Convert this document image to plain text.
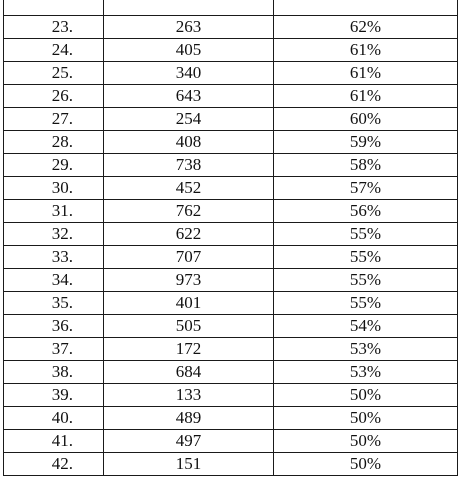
23.	263	62%
24.	405	61%
25.	340	61%
26.	643	61%
27.	254	60%
28.	408	59%
29.	738	58%
30.	452	57%
31.	762	56%
32.	622	55%
33.	707	55%
34.	973	55%
35.	401	55%
36.	505	54%
37.	172	53%
38.	684	53%
39.	133	50%
40.	489	50%
41.	497	50%
42.	151	50%
